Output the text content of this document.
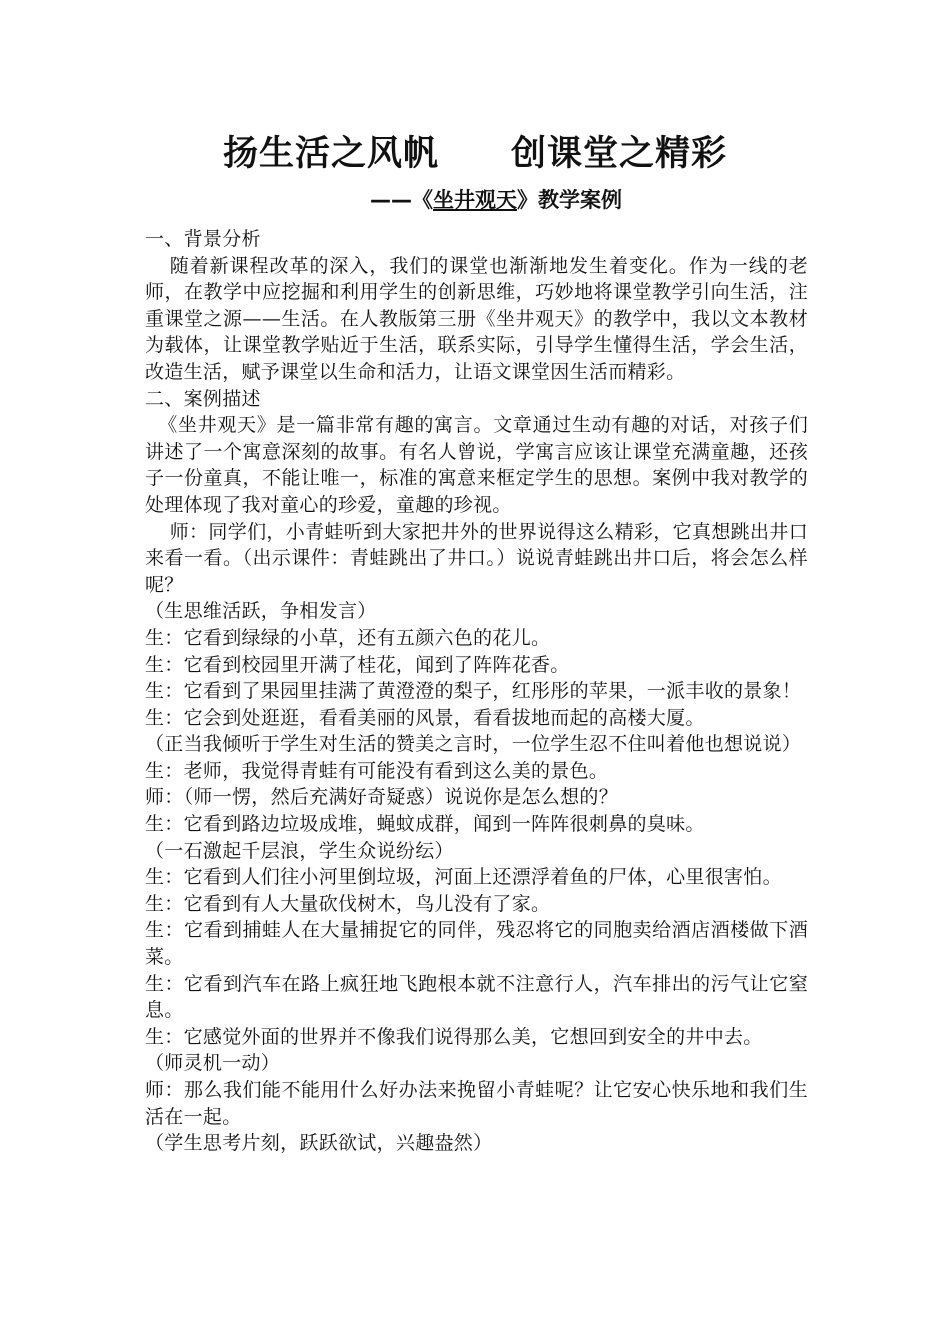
扬生活之风帆 创课堂之精彩
——《坐井观天》教学案例

一、背景分析

随着新课程改革的深入，我们的课堂也渐渐地发生着变化。作为一线的老师，在教学中应挖掘和利用学生的创新思维，巧妙地将课堂教学引向生活，注重课堂之源——生活。在人教版第三册《坐井观天》的教学中，我以文本教材为载体，让课堂教学贴近于生活，联系实际，引导学生懂得生活，学会生活，改造生活，赋予课堂以生命和活力，让语文课堂因生活而精彩。

二、案例描述

《坐井观天》是一篇非常有趣的寓言。文章通过生动有趣的对话，对孩子们讲述了一个寓意深刻的故事。有名人曾说，学寓言应该让课堂充满童趣，还孩子一份童真，不能让唯一，标准的寓意来框定学生的思想。案例中我对教学的处理体现了我对童心的珍爱，童趣的珍视。

师：同学们，小青蛙听到大家把井外的世界说得这么精彩，它真想跳出井口来看一看。（出示课件：青蛙跳出了井口。）说说青蛙跳出井口后，将会怎么样呢？

（生思维活跃，争相发言）

生：它看到绿绿的小草，还有五颜六色的花儿。

生：它看到校园里开满了桂花，闻到了阵阵花香。

生：它看到了果园里挂满了黄澄澄的梨子，红彤彤的苹果，一派丰收的景象！

生：它会到处逛逛，看看美丽的风景，看看拔地而起的高楼大厦。

（正当我倾听于学生对生活的赞美之言时，一位学生忍不住叫着他也想说说）

生：老师，我觉得青蛙有可能没有看到这么美的景色。

师：（师一愣，然后充满好奇疑惑）说说你是怎么想的？

生：它看到路边垃圾成堆，蝇蚊成群，闻到一阵阵很刺鼻的臭味。

（一石激起千层浪，学生众说纷纭）

生：它看到人们往小河里倒垃圾，河面上还漂浮着鱼的尸体，心里很害怕。

生：它看到有人大量砍伐树木，鸟儿没有了家。

生：它看到捕蛙人在大量捕捉它的同伴，残忍将它的同胞卖给酒店酒楼做下酒菜。

生：它看到汽车在路上疯狂地飞跑根本就不注意行人，汽车排出的污气让它窒息。

生：它感觉外面的世界并不像我们说得那么美，它想回到安全的井中去。

（师灵机一动）

师：那么我们能不能用什么好办法来挽留小青蛙呢？让它安心快乐地和我们生活在一起。

（学生思考片刻，跃跃欲试，兴趣盎然）
